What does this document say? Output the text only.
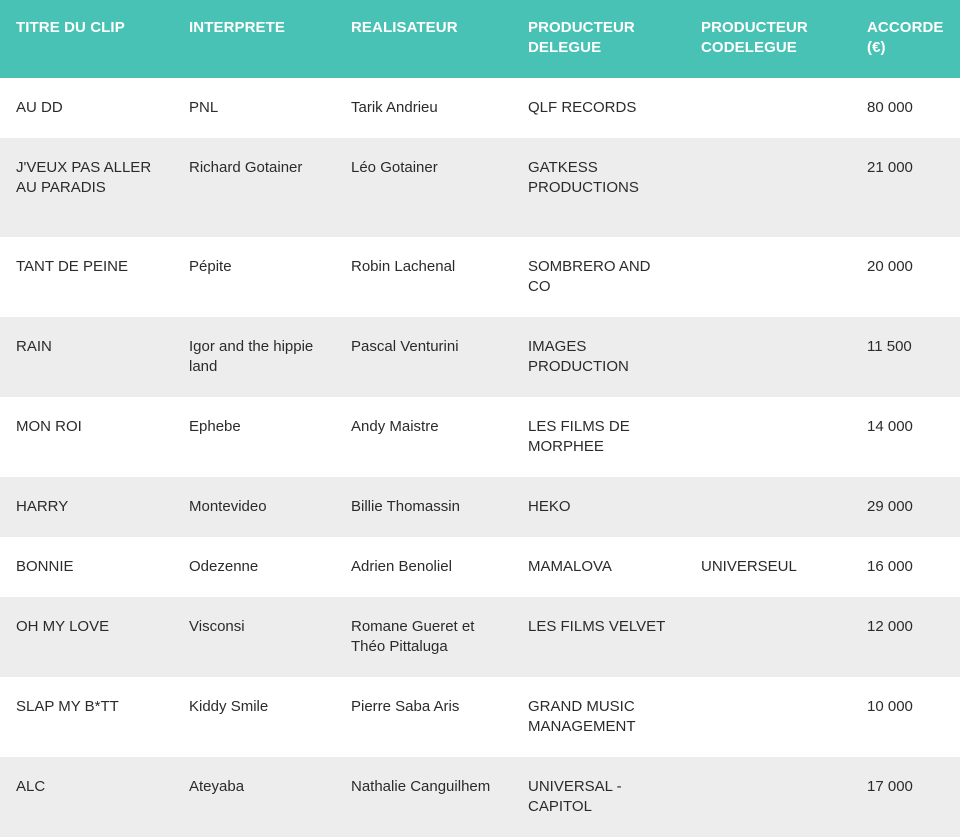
TITRE DU CLIP	INTERPRETE	REALISATEUR	PRODUCTEUR DELEGUE	PRODUCTEUR CODELEGUE	ACCORDE (€)
AU DD	PNL	Tarik Andrieu	QLF RECORDS		80 000
J'VEUX PAS ALLER AU PARADIS	Richard Gotainer	Léo Gotainer	GATKESS PRODUCTIONS		21 000
TANT DE PEINE	Pépite	Robin Lachenal	SOMBRERO AND CO		20 000
RAIN	Igor and the hippie land	Pascal Venturini	IMAGES PRODUCTION		11 500
MON ROI	Ephebe	Andy Maistre	LES FILMS DE MORPHEE		14 000
HARRY	Montevideo	Billie Thomassin	HEKO		29 000
BONNIE	Odezenne	Adrien Benoliel	MAMALOVA	UNIVERSEUL	16 000
OH MY LOVE	Visconsi	Romane Gueret et Théo Pittaluga	LES FILMS VELVET		12 000
SLAP MY B*TT	Kiddy Smile	Pierre Saba Aris	GRAND MUSIC MANAGEMENT		10 000
ALC	Ateyaba	Nathalie Canguilhem	UNIVERSAL - CAPITOL		17 000
